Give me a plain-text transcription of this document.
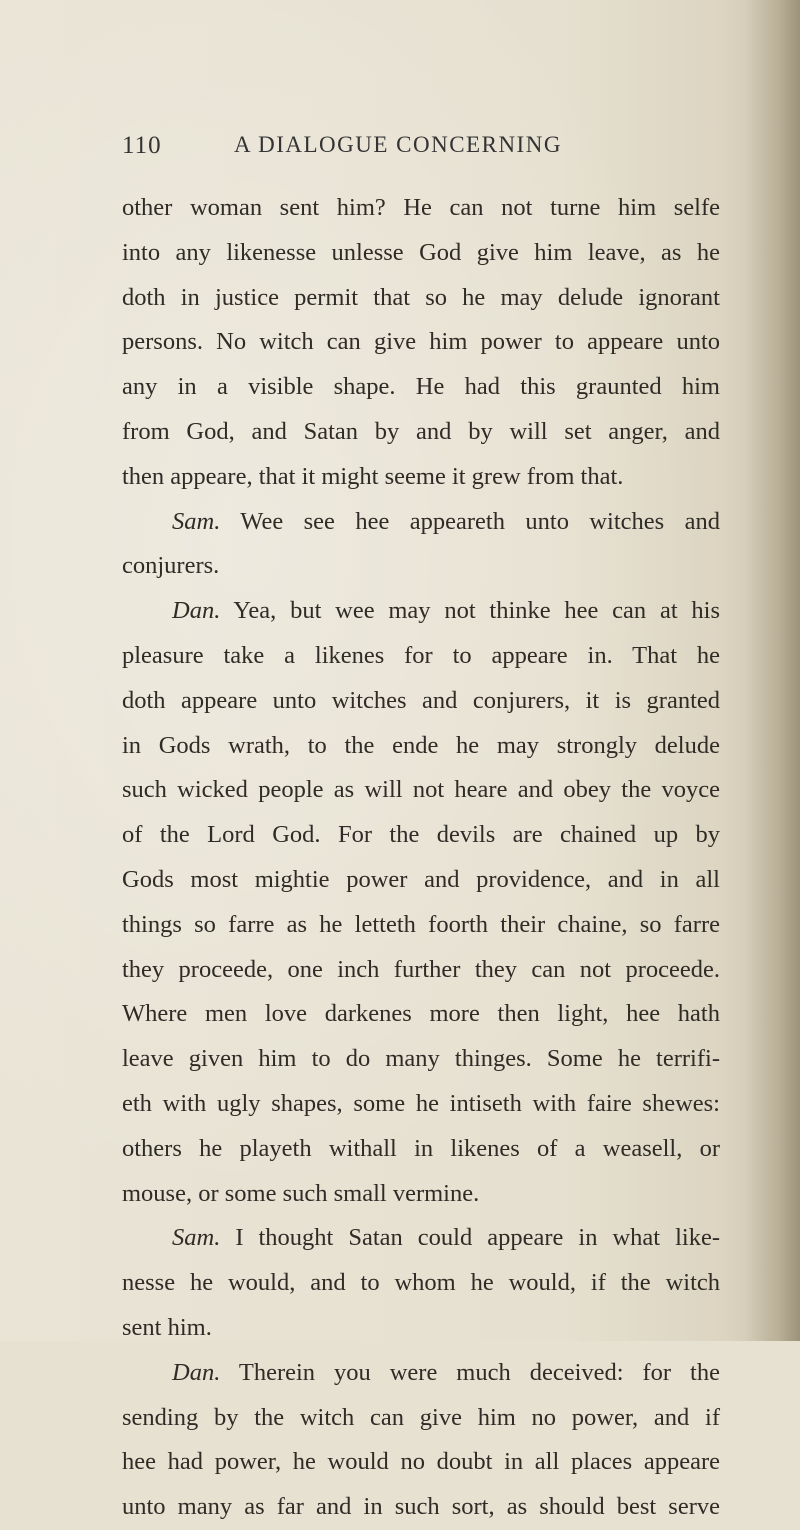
110	A DIALOGUE CONCERNING
other woman sent him? He can not turne him selfe
into any likenesse unlesse God give him leave, as he
doth in justice permit that so he may delude ignorant
persons. No witch can give him power to appeare unto
any in a visible shape. He had this graunted him
from God, and Satan by and by will set anger, and
then appeare, that it might seeme it grew from that.
Sam. Wee see hee appeareth unto witches and
conjurers.
Dan. Yea, but wee may not thinke hee can at his
pleasure take a likenes for to appeare in. That he
doth appeare unto witches and conjurers, it is granted
in Gods wrath, to the ende he may strongly delude
such wicked people as will not heare and obey the voyce
of the Lord God. For the devils are chained up by
Gods most mightie power and providence, and in all
things so farre as he letteth foorth their chaine, so farre
they proceede, one inch further they can not proceede.
Where men love darkenes more then light, hee hath
leave given him to do many thinges. Some he terrifi-
eth with ugly shapes, some he intiseth with faire shewes:
others he playeth withall in likenes of a weasell, or
mouse, or some such small vermine.
Sam. I thought Satan could appeare in what like-
nesse he would, and to whom he would, if the witch
sent him.
Dan. Therein you were much deceived: for the
sending by the witch can give him no power, and if
hee had power, he would no doubt in all places appeare
unto many as far and in such sort, as should best serve
